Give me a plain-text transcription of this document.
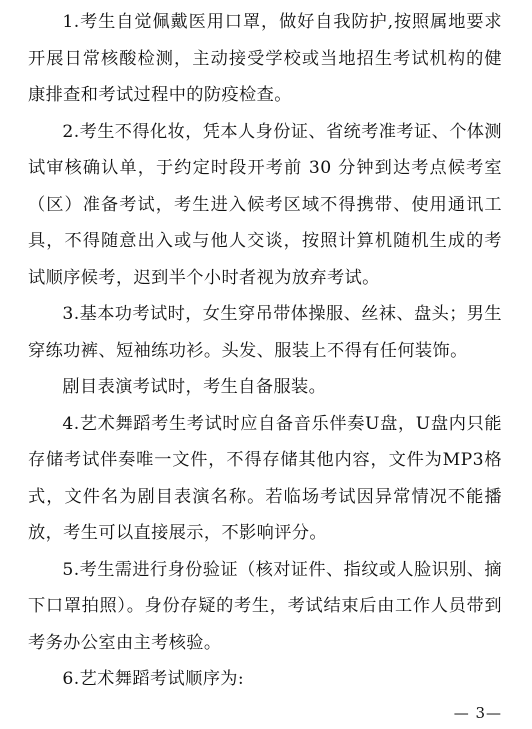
1.考生自觉佩戴医用口罩，做好自我防护,按照属地要求开展日常核酸检测，主动接受学校或当地招生考试机构的健康排查和考试过程中的防疫检查。

2.考生不得化妆，凭本人身份证、省统考准考证、个体测试审核确认单，于约定时段开考前 30 分钟到达考点候考室（区）准备考试，考生进入候考区域不得携带、使用通讯工具，不得随意出入或与他人交谈，按照计算机随机生成的考试顺序候考，迟到半个小时者视为放弃考试。

3.基本功考试时，女生穿吊带体操服、丝袜、盘头；男生穿练功裤、短袖练功衫。头发、服装上不得有任何装饰。

剧目表演考试时，考生自备服装。

4.艺术舞蹈考生考试时应自备音乐伴奏U盘，U盘内只能存储考试伴奏唯一文件，不得存储其他内容，文件为MP3格式，文件名为剧目表演名称。若临场考试因异常情况不能播放，考生可以直接展示，不影响评分。

5.考生需进行身份验证（核对证件、指纹或人脸识别、摘下口罩拍照）。身份存疑的考生，考试结束后由工作人员带到考务办公室由主考核验。

6.艺术舞蹈考试顺序为:

— 3—
